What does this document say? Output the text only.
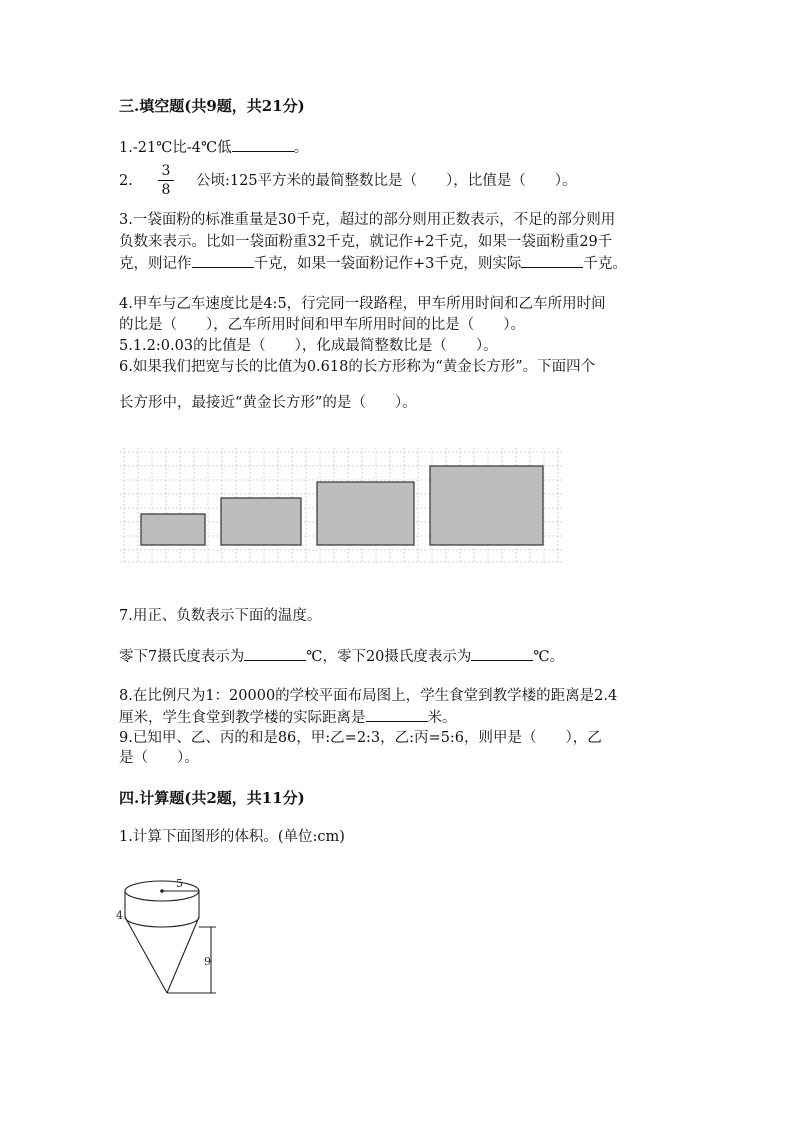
三.填空题(共9题，共21分)
1.-21℃比-4℃低	。
2. $\frac{3}{8}$ 公顷:125平方米的最简整数比是（　　），比值是（　　）。
3.一袋面粉的标准重量是30千克，超过的部分则用正数表示，不足的部分则用
负数来表示。比如一袋面粉重32千克，就记作+2千克，如果一袋面粉重29千
克，则记作	千克，如果一袋面粉记作+3千克，则实际	千克。
4.甲车与乙车速度比是4:5，行完同一段路程，甲车所用时间和乙车所用时间
的比是（　　），乙车所用时间和甲车所用时间的比是（　　）。
5.1.2:0.03的比值是（　　），化成最简整数比是（　　）。
6.如果我们把宽与长的比值为0.618的长方形称为“黄金长方形”。下面四个
长方形中，最接近“黄金长方形”的是（　　）。
7.用正、负数表示下面的温度。
零下7摄氏度表示为	℃，零下20摄氏度表示为	℃。
8.在比例尺为1：20000的学校平面布局图上，学生食堂到教学楼的距离是2.4
厘米，学生食堂到教学楼的实际距离是	米。
9.已知甲、乙、丙的和是86，甲:乙=2:3，乙:丙=5:6，则甲是（　　），乙
是（　　）。
四.计算题(共2题，共11分)
1.计算下面图形的体积。(单位:cm)
5
4
9
